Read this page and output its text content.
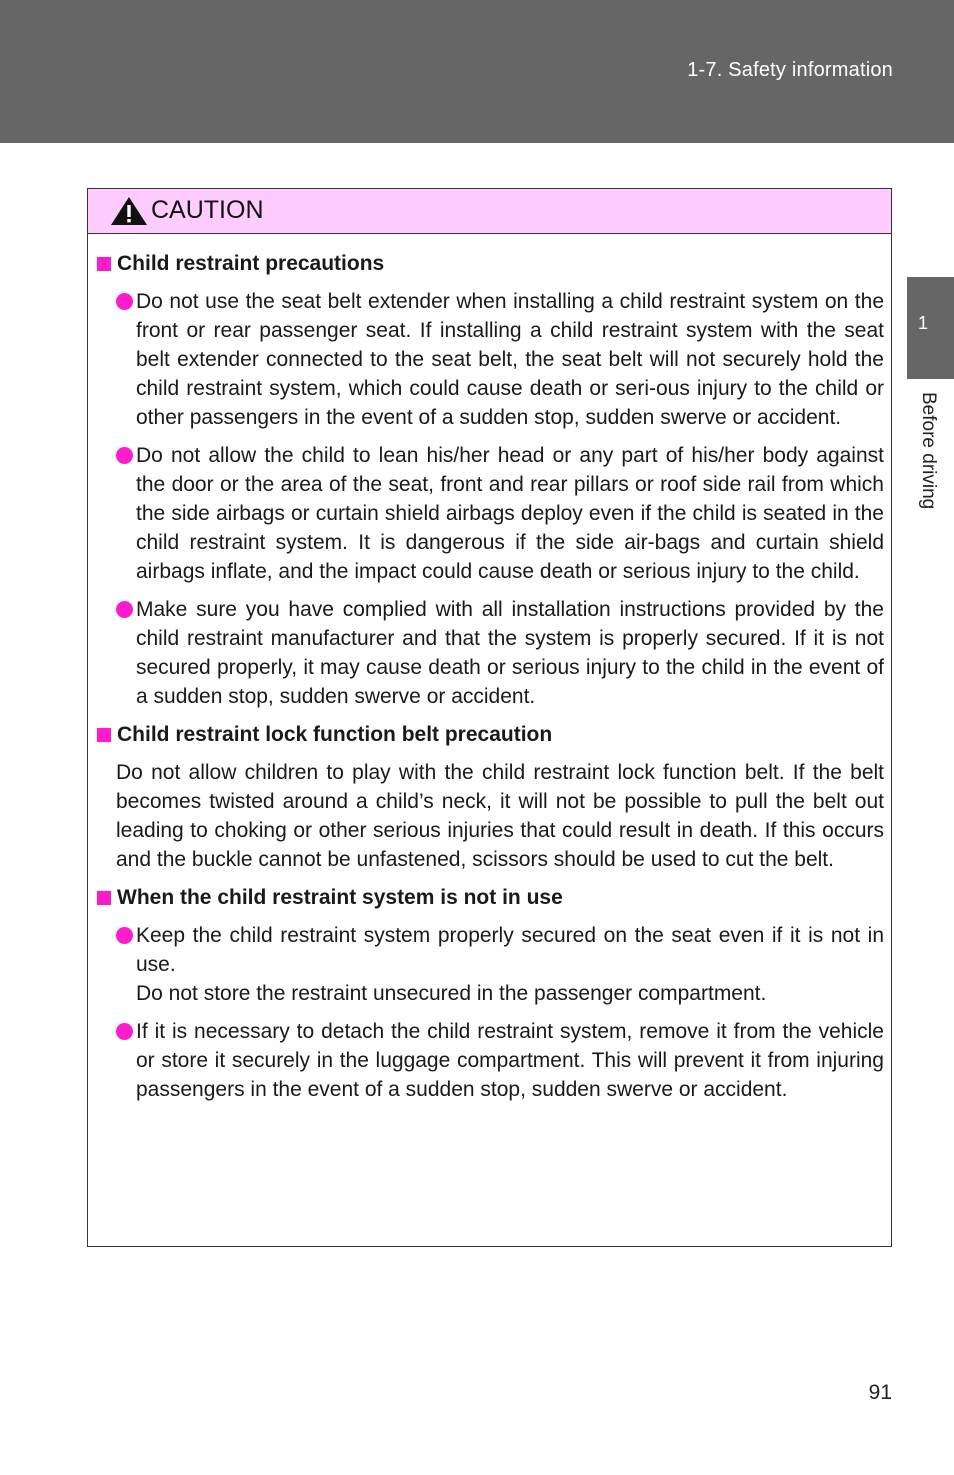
1-7. Safety information
1
Before driving
CAUTION
Child restraint precautions
Do not use the seat belt extender when installing a child restraint system on the front or rear passenger seat. If installing a child restraint system with the seat belt extender connected to the seat belt, the seat belt will not securely hold the child restraint system, which could cause death or seri-ous injury to the child or other passengers in the event of a sudden stop, sudden swerve or accident.
Do not allow the child to lean his/her head or any part of his/her body against the door or the area of the seat, front and rear pillars or roof side rail from which the side airbags or curtain shield airbags deploy even if the child is seated in the child restraint system. It is dangerous if the side air-bags and curtain shield airbags inflate, and the impact could cause death or serious injury to the child.
Make sure you have complied with all installation instructions provided by the child restraint manufacturer and that the system is properly secured. If it is not secured properly, it may cause death or serious injury to the child in the event of a sudden stop, sudden swerve or accident.
Child restraint lock function belt precaution
Do not allow children to play with the child restraint lock function belt. If the belt becomes twisted around a child’s neck, it will not be possible to pull the belt out leading to choking or other serious injuries that could result in death. If this occurs and the buckle cannot be unfastened, scissors should be used to cut the belt.
When the child restraint system is not in use
Keep the child restraint system properly secured on the seat even if it is not in use.
Do not store the restraint unsecured in the passenger compartment.
If it is necessary to detach the child restraint system, remove it from the vehicle or store it securely in the luggage compartment. This will prevent it from injuring passengers in the event of a sudden stop, sudden swerve or accident.
91
